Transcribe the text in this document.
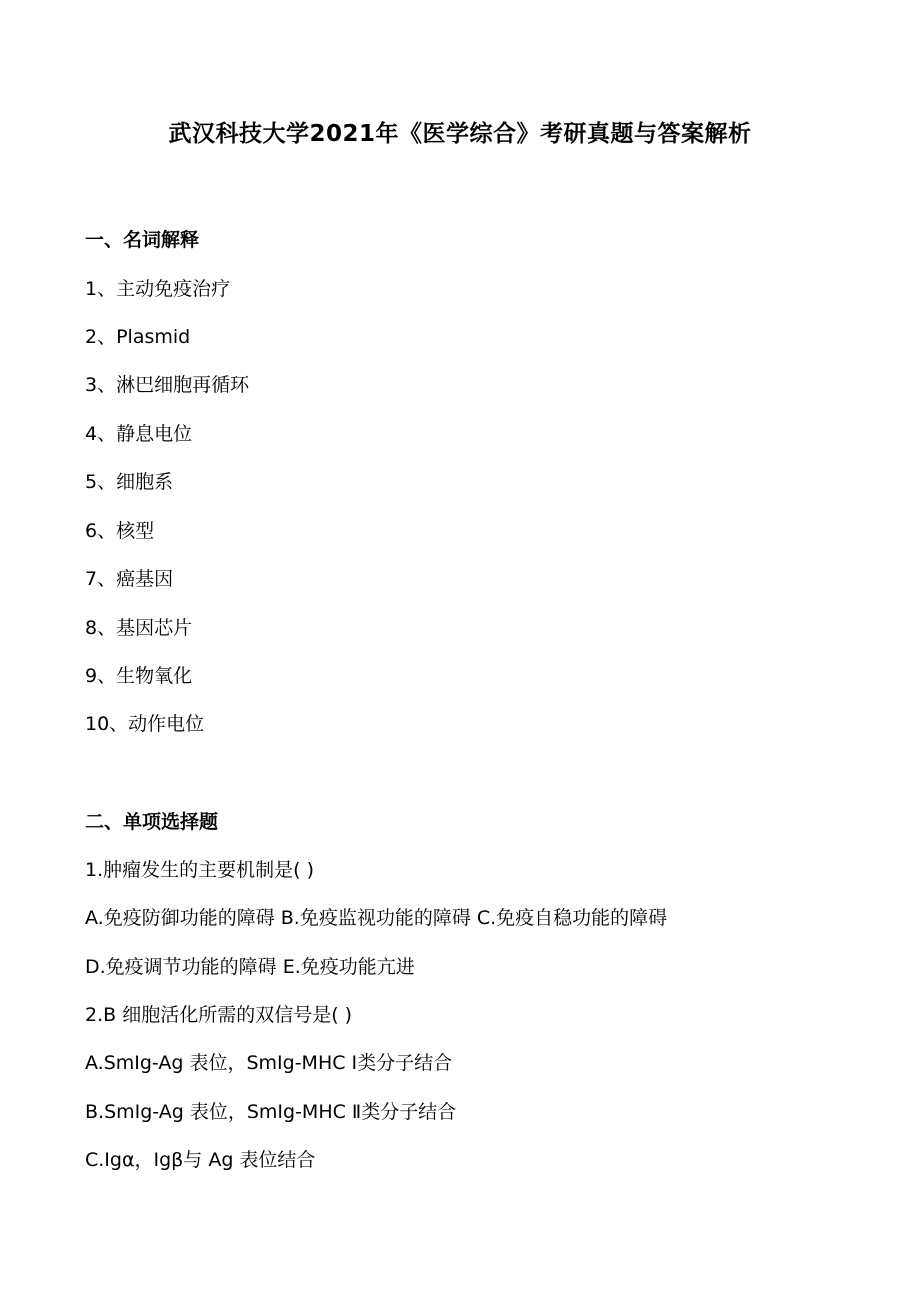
武汉科技大学2021年《医学综合》考研真题与答案解析
一、名词解释
1、主动免疫治疗
2、Plasmid
3、淋巴细胞再循环
4、静息电位
5、细胞系
6、核型
7、癌基因
8、基因芯片
9、生物氧化
10、动作电位
二、单项选择题
1.肿瘤发生的主要机制是( )
A.免疫防御功能的障碍 B.免疫监视功能的障碍 C.免疫自稳功能的障碍
D.免疫调节功能的障碍 E.免疫功能亢进
2.B 细胞活化所需的双信号是( )
A.SmIg-Ag 表位，SmIg-MHC Ⅰ类分子结合
B.SmIg-Ag 表位，SmIg-MHC Ⅱ类分子结合
C.Igα，Igβ与 Ag 表位结合
